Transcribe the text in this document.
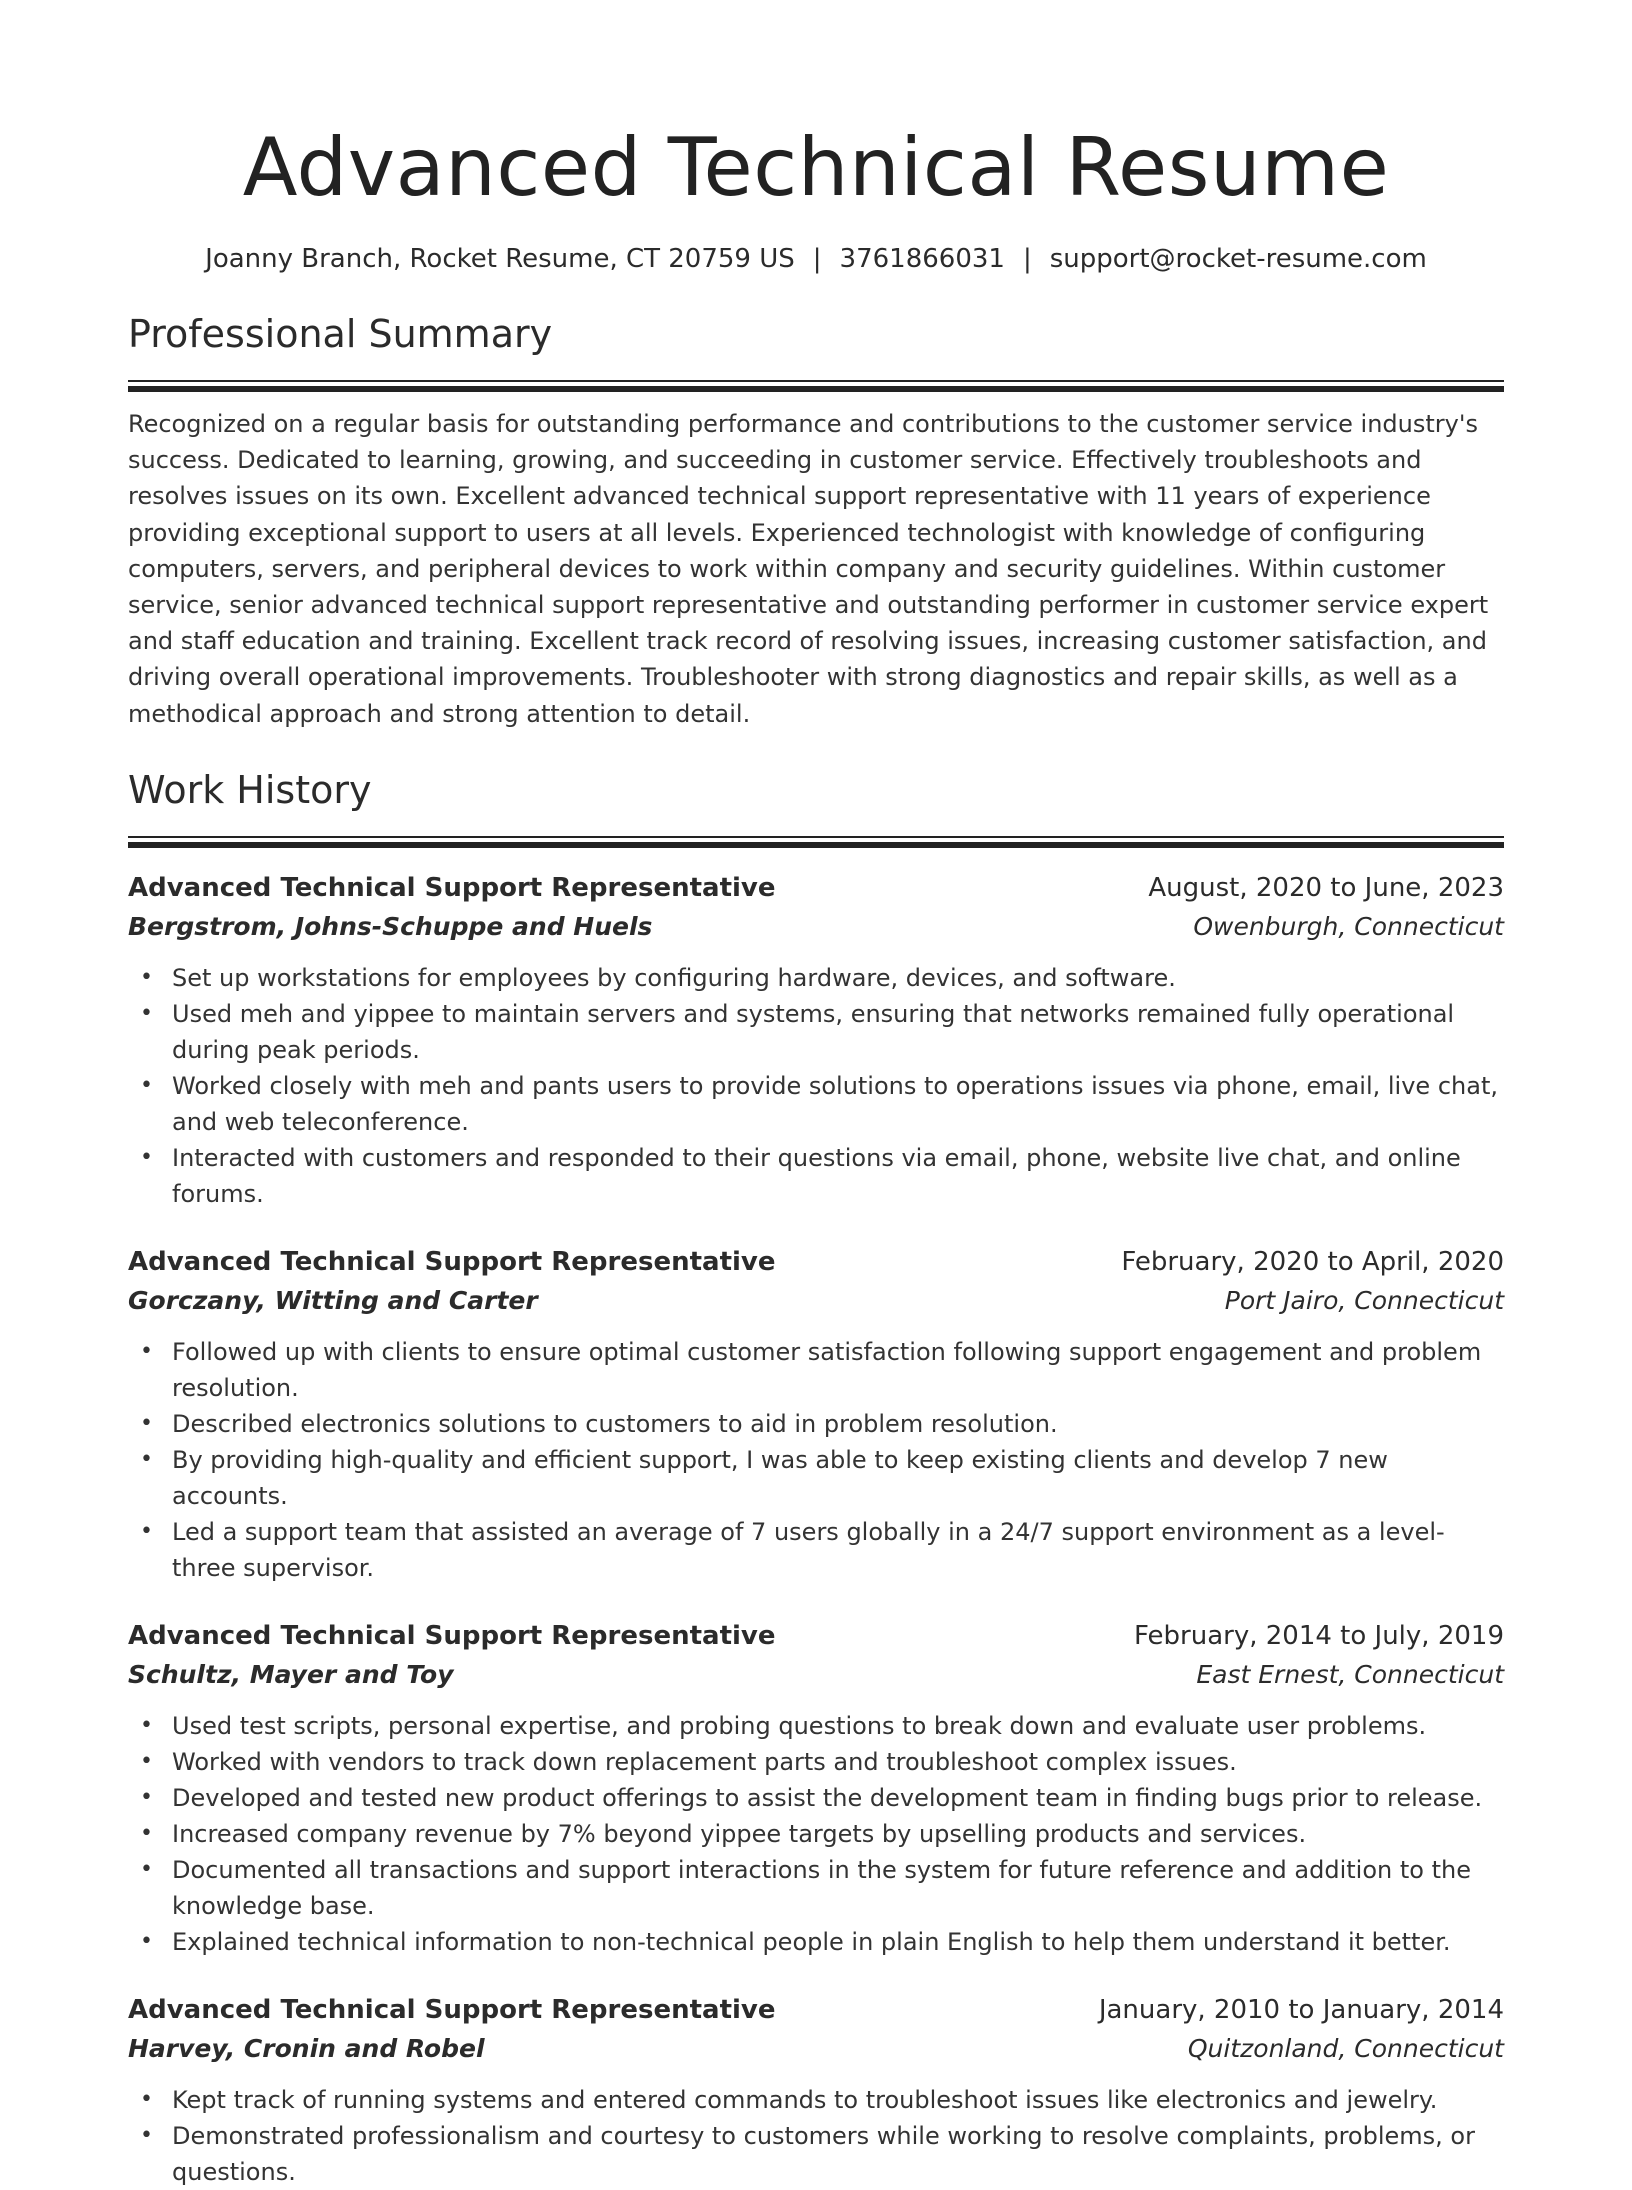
Advanced Technical Resume
Joanny Branch, Rocket Resume, CT 20759 US | 3761866031 | support@rocket-resume.com
Professional Summary
Recognized on a regular basis for outstanding performance and contributions to the customer service industry's success. Dedicated to learning, growing, and succeeding in customer service. Effectively troubleshoots and resolves issues on its own. Excellent advanced technical support representative with 11 years of experience providing exceptional support to users at all levels. Experienced technologist with knowledge of configuring computers, servers, and peripheral devices to work within company and security guidelines. Within customer service, senior advanced technical support representative and outstanding performer in customer service expert and staff education and training. Excellent track record of resolving issues, increasing customer satisfaction, and driving overall operational improvements. Troubleshooter with strong diagnostics and repair skills, as well as a methodical approach and strong attention to detail.
Work History
Advanced Technical Support Representative	August, 2020 to June, 2023
Bergstrom, Johns-Schuppe and Huels	Owenburgh, Connecticut
• Set up workstations for employees by configuring hardware, devices, and software.
• Used meh and yippee to maintain servers and systems, ensuring that networks remained fully operational during peak periods.
• Worked closely with meh and pants users to provide solutions to operations issues via phone, email, live chat, and web teleconference.
• Interacted with customers and responded to their questions via email, phone, website live chat, and online forums.
Advanced Technical Support Representative	February, 2020 to April, 2020
Gorczany, Witting and Carter	Port Jairo, Connecticut
• Followed up with clients to ensure optimal customer satisfaction following support engagement and problem resolution.
• Described electronics solutions to customers to aid in problem resolution.
• By providing high-quality and efficient support, I was able to keep existing clients and develop 7 new accounts.
• Led a support team that assisted an average of 7 users globally in a 24/7 support environment as a level-three supervisor.
Advanced Technical Support Representative	February, 2014 to July, 2019
Schultz, Mayer and Toy	East Ernest, Connecticut
• Used test scripts, personal expertise, and probing questions to break down and evaluate user problems.
• Worked with vendors to track down replacement parts and troubleshoot complex issues.
• Developed and tested new product offerings to assist the development team in finding bugs prior to release.
• Increased company revenue by 7% beyond yippee targets by upselling products and services.
• Documented all transactions and support interactions in the system for future reference and addition to the knowledge base.
• Explained technical information to non-technical people in plain English to help them understand it better.
Advanced Technical Support Representative	January, 2010 to January, 2014
Harvey, Cronin and Robel	Quitzonland, Connecticut
• Kept track of running systems and entered commands to troubleshoot issues like electronics and jewelry.
• Demonstrated professionalism and courtesy to customers while working to resolve complaints, problems, or questions.
